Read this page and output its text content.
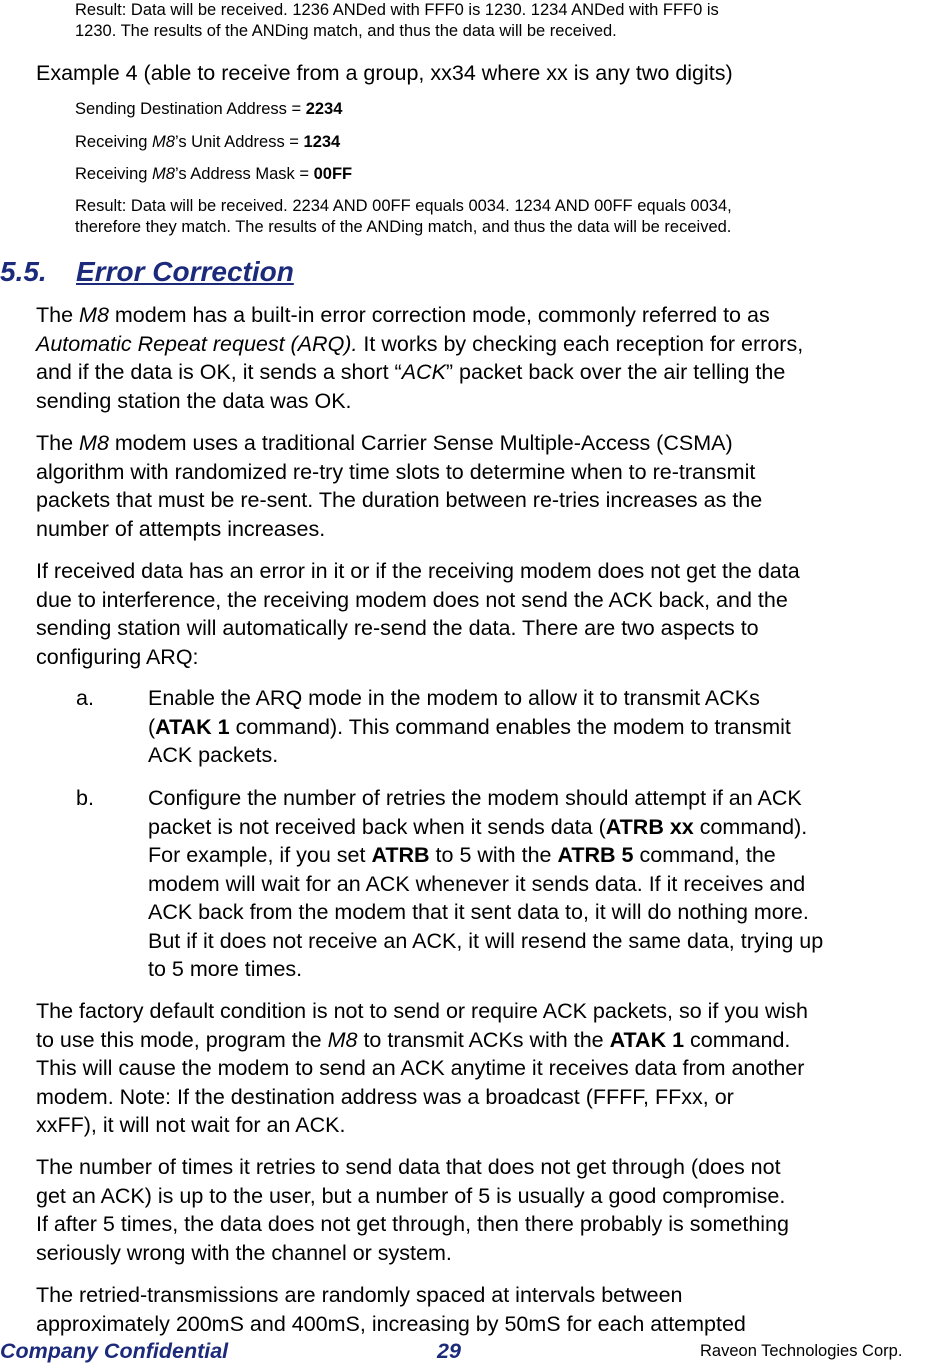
Result: Data will be received. 1236 ANDed with FFF0 is 1230. 1234 ANDed with FFF0 is
1230. The results of the ANDing match, and thus the data will be received.

Example 4 (able to receive from a group, xx34 where xx is any two digits)

Sending Destination Address = 2234

Receiving M8’s Unit Address = 1234

Receiving M8’s Address Mask = 00FF

Result: Data will be received. 2234 AND 00FF equals 0034. 1234 AND 00FF equals 0034,
therefore they match. The results of the ANDing match, and thus the data will be received.

5.5. Error Correction

The M8 modem has a built-in error correction mode, commonly referred to as
Automatic Repeat request (ARQ). It works by checking each reception for errors,
and if the data is OK, it sends a short “ACK” packet back over the air telling the
sending station the data was OK.

The M8 modem uses a traditional Carrier Sense Multiple-Access (CSMA)
algorithm with randomized re-try time slots to determine when to re-transmit
packets that must be re-sent. The duration between re-tries increases as the
number of attempts increases.

If received data has an error in it or if the receiving modem does not get the data
due to interference, the receiving modem does not send the ACK back, and the
sending station will automatically re-send the data. There are two aspects to
configuring ARQ:

a.	Enable the ARQ mode in the modem to allow it to transmit ACKs
(ATAK 1 command). This command enables the modem to transmit
ACK packets.

b.	Configure the number of retries the modem should attempt if an ACK
packet is not received back when it sends data (ATRB xx command).
For example, if you set ATRB to 5 with the ATRB 5 command, the
modem will wait for an ACK whenever it sends data. If it receives and
ACK back from the modem that it sent data to, it will do nothing more.
But if it does not receive an ACK, it will resend the same data, trying up
to 5 more times.

The factory default condition is not to send or require ACK packets, so if you wish
to use this mode, program the M8 to transmit ACKs with the ATAK 1 command.
This will cause the modem to send an ACK anytime it receives data from another
modem. Note: If the destination address was a broadcast (FFFF, FFxx, or
xxFF), it will not wait for an ACK.

The number of times it retries to send data that does not get through (does not
get an ACK) is up to the user, but a number of 5 is usually a good compromise.
If after 5 times, the data does not get through, then there probably is something
seriously wrong with the channel or system.

The retried-transmissions are randomly spaced at intervals between
approximately 200mS and 400mS, increasing by 50mS for each attempted

Company Confidential	29	Raveon Technologies Corp.
